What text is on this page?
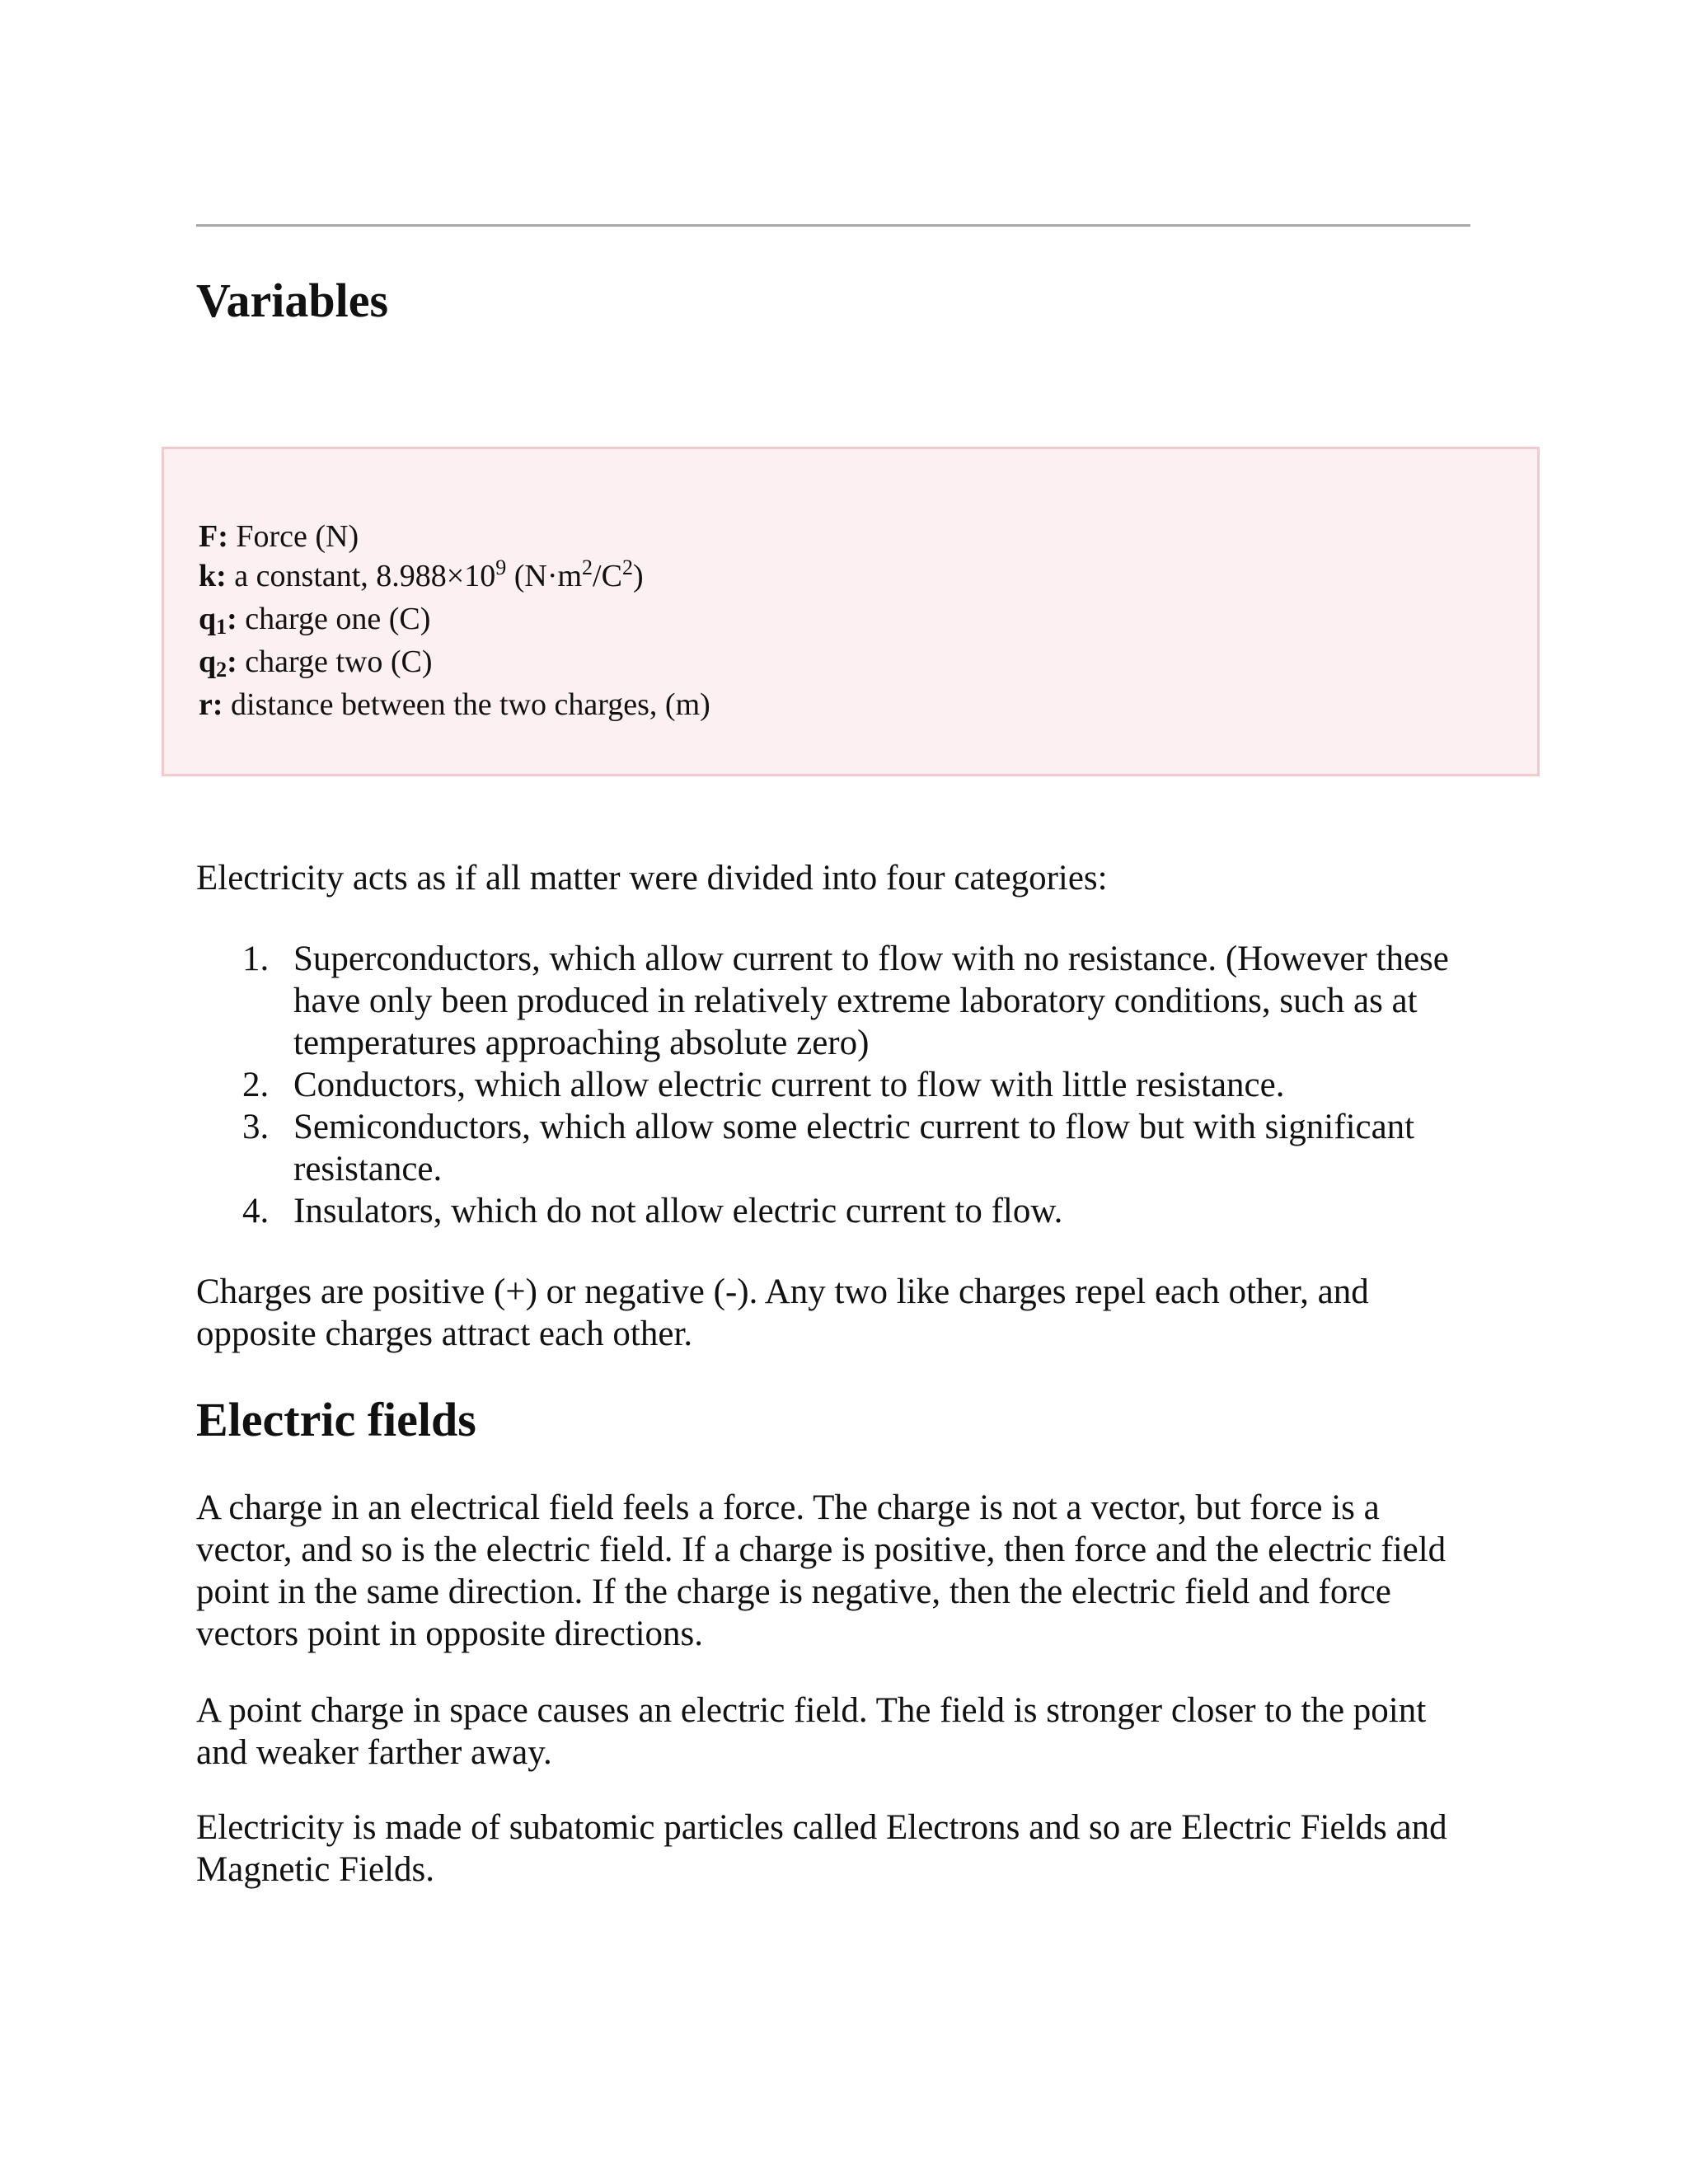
Variables
F: Force (N)
k: a constant, $8.988\times 10^9$ $(N\cdot m^2/C^2)$
$q_1$: charge one (C)
$q_2$: charge two (C)
r: distance between the two charges, (m)

Electricity acts as if all matter were divided into four categories:

1. Superconductors, which allow current to flow with no resistance. (However these have only been produced in relatively extreme laboratory conditions, such as at temperatures approaching absolute zero)
2. Conductors, which allow electric current to flow with little resistance.
3. Semiconductors, which allow some electric current to flow but with significant resistance.
4. Insulators, which do not allow electric current to flow.

Charges are positive (+) or negative (-). Any two like charges repel each other, and opposite charges attract each other.

Electric fields

A charge in an electrical field feels a force. The charge is not a vector, but force is a vector, and so is the electric field. If a charge is positive, then force and the electric field point in the same direction. If the charge is negative, then the electric field and force vectors point in opposite directions.

A point charge in space causes an electric field. The field is stronger closer to the point and weaker farther away.

Electricity is made of subatomic particles called Electrons and so are Electric Fields and Magnetic Fields.
